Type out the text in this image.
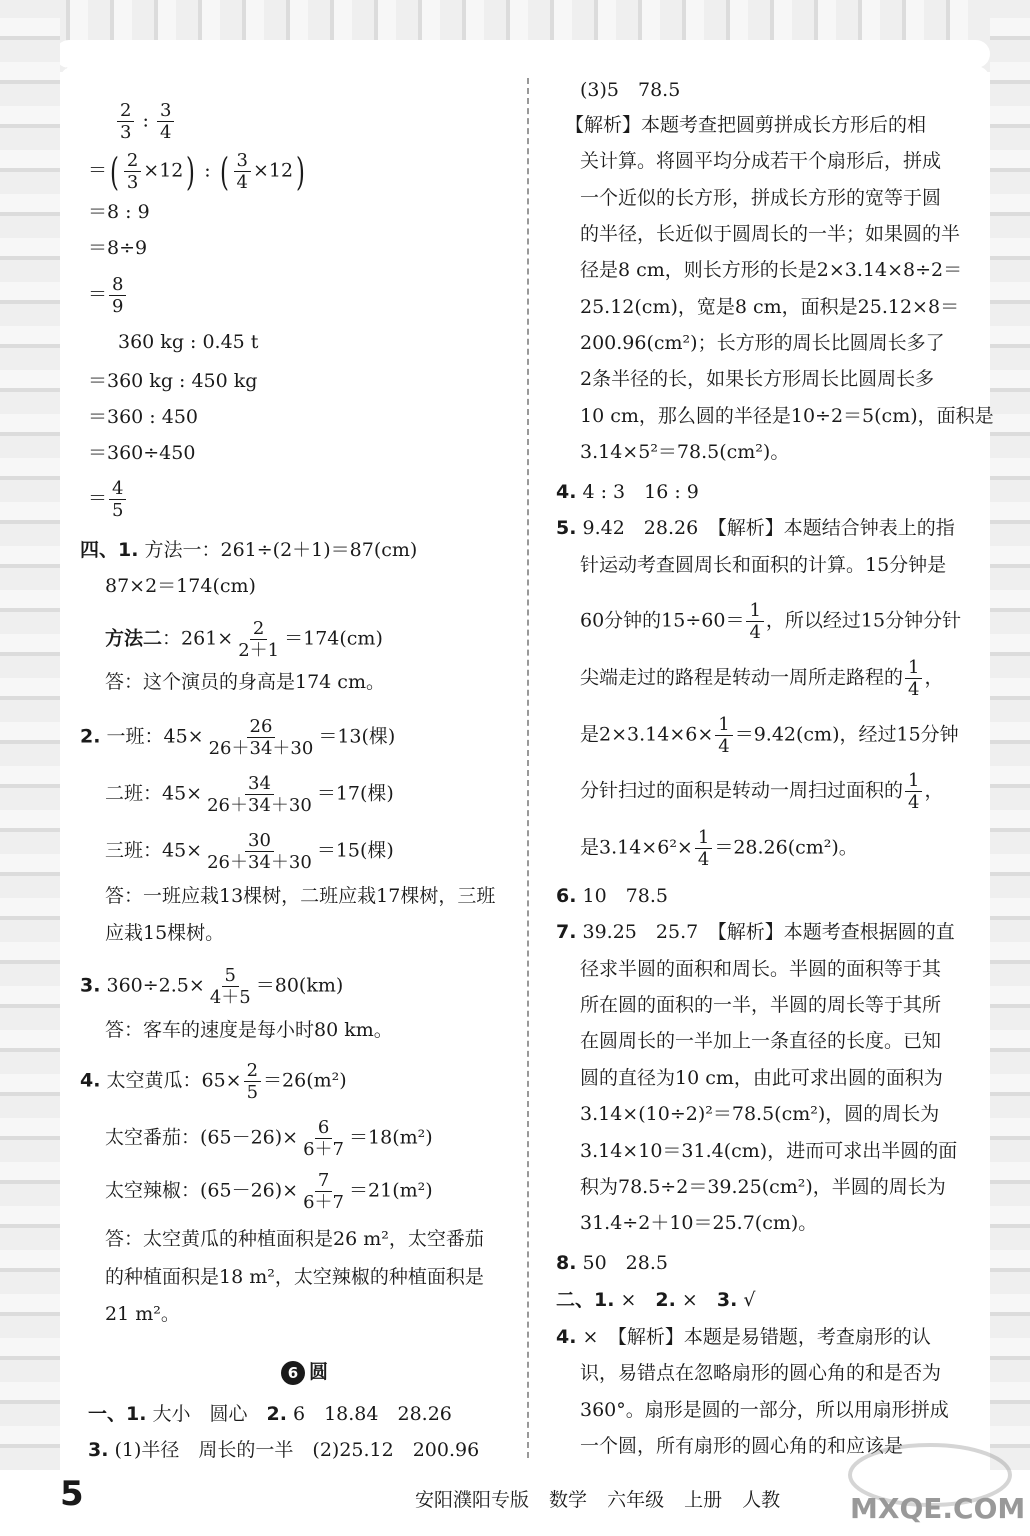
$\frac{2}{3}$ : $\frac{3}{4}$
＝( $\frac{2}{3} \times 12$) : ( $\frac{3}{4} \times 12$)
＝8 : 9
＝8÷9
＝ $\frac{8}{9}$
360 kg : 0.45 t
＝360 kg : 450 kg
＝360 : 450
＝360÷450
＝ $\frac{4}{5}$
四、1. 方法一：261÷(2＋1)＝87(cm)
87×2＝174(cm)
方法二：$261\times \frac{2}{2+1} =174(cm)$
答：这个演员的身高是174 cm。
2. 一班：$45\times \frac{26}{26+34+30} =13$(棵)
二班：$45\times \frac{34}{26+34+30} =17$(棵)
三班：$45\times \frac{30}{26+34+30} =15$(棵)
答：一班应栽13棵树，二班应栽17棵树，三班
应栽15棵树。
3. $360\div 2.5\times \frac{5}{4+5} =80(km)$
答：客车的速度是每小时80 km。
4. 太空黄瓜：$65\times \frac{2}{5} =26(m^2)$
太空番茄：$(65-26)\times \frac{6}{6+7} =18(m^2)$
太空辣椒：$(65-26)\times \frac{7}{6+7} =21(m^2)$
答：太空黄瓜的种植面积是26 m²，太空番茄
的种植面积是18 m²，太空辣椒的种植面积是
21 m²。
6 圆
一、1. 大小　圆心　2. 6　18.84　28.26
3. (1)半径　周长的一半　(2)25.12　200.96
(3)5　78.5
【解析】本题考查把圆剪拼成长方形后的相
关计算。将圆平均分成若干个扇形后，拼成
一个近似的长方形，拼成长方形的宽等于圆
的半径，长近似于圆周长的一半；如果圆的半
径是8 cm，则长方形的长是2×3.14×8÷2＝
25.12(cm)，宽是8 cm，面积是25.12×8＝
200.96(cm²)；长方形的周长比圆周长多了
2条半径的长，如果长方形周长比圆周长多
10 cm，那么圆的半径是10÷2＝5(cm)，面积是
3.14×5²＝78.5(cm²)。
4. 4 : 3　16 : 9
5. 9.42　28.26　【解析】本题结合钟表上的指
针运动考查圆周长和面积的计算。15分钟是
60分钟的$15\div 60= \frac{1}{4}$ ，所以经过15分钟分针
尖端走过的路程是转动一周所走路程的 $\frac{1}{4}$ ，
是$2\times 3.14\times 6\times \frac{1}{4} =9.42(cm)$，经过15分钟
分针扫过的面积是转动一周扫过面积的 $\frac{1}{4}$ ，
是$3.14\times 6^2\times \frac{1}{4} =28.26(cm^2)$。
6. 10　78.5
7. 39.25　25.7　【解析】本题考查根据圆的直
径求半圆的面积和周长。半圆的面积等于其
所在圆的面积的一半，半圆的周长等于其所
在圆周长的一半加上一条直径的长度。已知
圆的直径为10 cm，由此可求出圆的面积为
3.14×(10÷2)²＝78.5(cm²)，圆的周长为
3.14×10＝31.4(cm)，进而可求出半圆的面
积为78.5÷2＝39.25(cm²)，半圆的周长为
31.4÷2＋10＝25.7(cm)。
8. 50　28.5
二、1. ×　2. ×　3. √
4. ×　【解析】本题是易错题，考查扇形的认
识，易错点在忽略扇形的圆心角的和是否为
360°。扇形是圆的一部分，所以用扇形拼成
一个圆，所有扇形的圆心角的和应该是
5	安阳濮阳专版 数学 六年级 上册 人教 MXQE.COM
